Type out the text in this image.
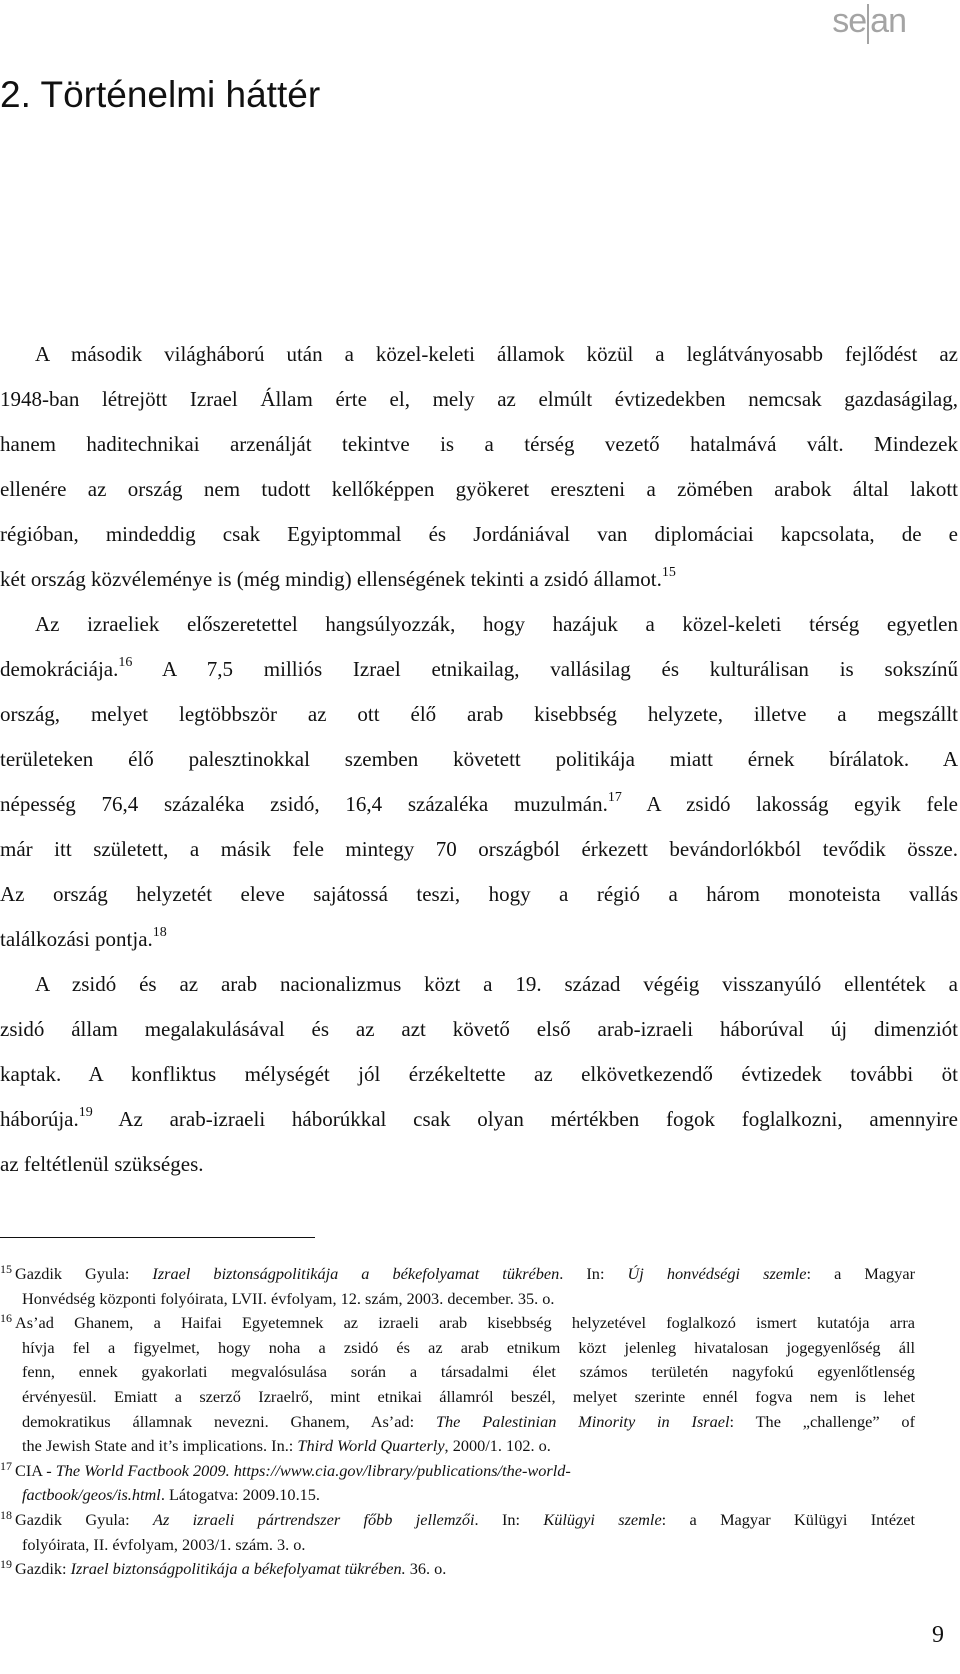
se an
2. Történelmi háttér
A második világháború után a közel-keleti államok közül a leglátványosabb fejlődést az
1948-ban létrejött Izrael Állam érte el, mely az elmúlt évtizedekben nemcsak gazdaságilag,
hanem haditechnikai arzenálját tekintve is a térség vezető hatalmává vált. Mindezek
ellenére az ország nem tudott kellőképpen gyökeret ereszteni a zömében arabok által lakott
régióban, mindeddig csak Egyiptommal és Jordániával van diplomáciai kapcsolata, de e
két ország közvéleménye is (még mindig) ellenségének tekinti a zsidó államot.$^{15}$
Az izraeliek előszeretettel hangsúlyozzák, hogy hazájuk a közel-keleti térség egyetlen
demokráciája.$^{16}$ A 7,5 milliós Izrael etnikailag, vallásilag és kulturálisan is sokszínű
ország, melyet legtöbbször az ott élő arab kisebbség helyzete, illetve a megszállt
területeken élő palesztinokkal szemben követett politikája miatt érnek bírálatok. A
népesség 76,4 százaléka zsidó, 16,4 százaléka muzulmán.$^{17}$ A zsidó lakosság egyik fele
már itt született, a másik fele mintegy 70 országból érkezett bevándorlókból tevődik össze.
Az ország helyzetét eleve sajátossá teszi, hogy a régió a három monoteista vallás
találkozási pontja.$^{18}$
A zsidó és az arab nacionalizmus közt a 19. század végéig visszanyúló ellentétek a
zsidó állam megalakulásával és az azt követő első arab-izraeli háborúval új dimenziót
kaptak. A konfliktus mélységét jól érzékeltette az elkövetkezendő évtizedek további öt
háborúja.$^{19}$ Az arab-izraeli háborúkkal csak olyan mértékben fogok foglalkozni, amennyire
az feltétlenül szükséges.
$^{15}$ Gazdik Gyula: Izrael biztonságpolitikája a békefolyamat tükrében. In: Új honvédségi szemle: a Magyar
Honvédség központi folyóirata, LVII. évfolyam, 12. szám, 2003. december. 35. o.
$^{16}$ As’ad Ghanem, a Haifai Egyetemnek az izraeli arab kisebbség helyzetével foglalkozó ismert kutatója arra
hívja fel a figyelmet, hogy noha a zsidó és az arab etnikum közt jelenleg hivatalosan jogegyenlőség áll
fenn, ennek gyakorlati megvalósulása során a társadalmi élet számos területén nagyfokú egyenlőtlenség
érvényesül. Emiatt a szerző Izraelrő, mint etnikai államról beszél, melyet szerinte ennél fogva nem is lehet
demokratikus államnak nevezni. Ghanem, As’ad: The Palestinian Minority in Israel: The „challenge” of
the Jewish State and it’s implications. In.: Third World Quarterly, 2000/1. 102. o.
$^{17}$ CIA - The World Factbook 2009. https://www.cia.gov/library/publications/the-world-
factbook/geos/is.html. Látogatva: 2009.10.15.
$^{18}$ Gazdik Gyula: Az izraeli pártrendszer főbb jellemzői. In: Külügyi szemle: a Magyar Külügyi Intézet
folyóirata, II. évfolyam, 2003/1. szám. 3. o.
$^{19}$ Gazdik: Izrael biztonságpolitikája a békefolyamat tükrében. 36. o.
9
